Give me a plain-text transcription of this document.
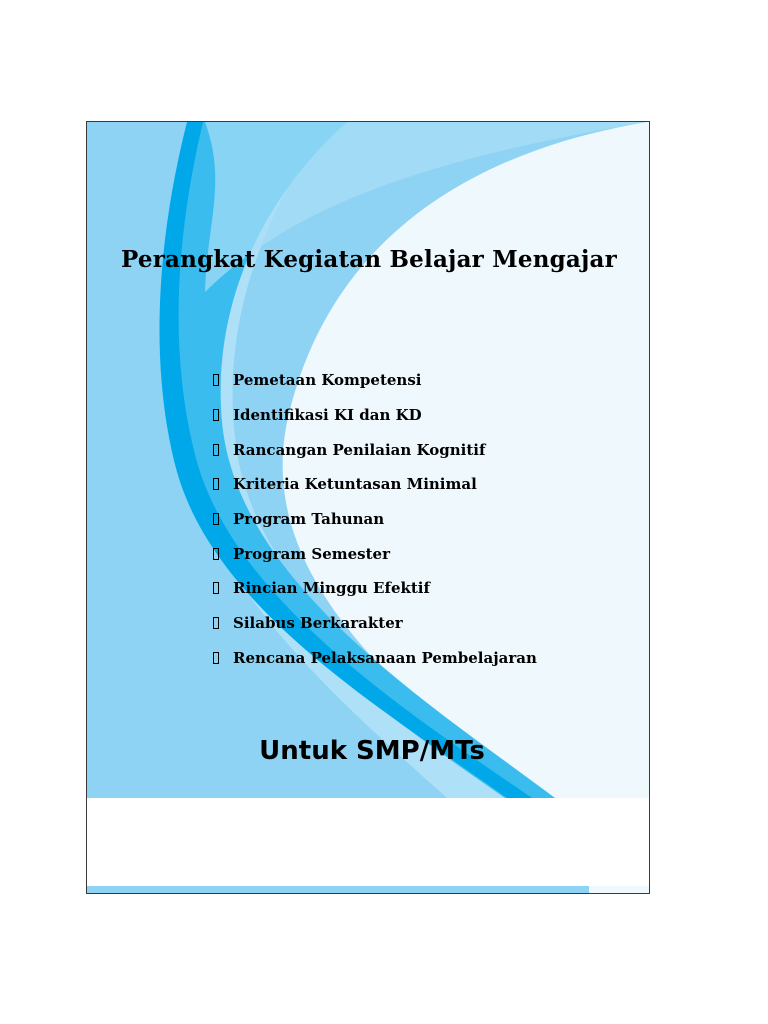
Perangkat Kegiatan Belajar Mengajar
Pemetaan Kompetensi
Identifikasi KI dan KD
Rancangan Penilaian Kognitif
Kriteria Ketuntasan Minimal
Program Tahunan
Program Semester
Rincian Minggu Efektif
Silabus Berkarakter
Rencana Pelaksanaan Pembelajaran
Untuk SMP/MTs
